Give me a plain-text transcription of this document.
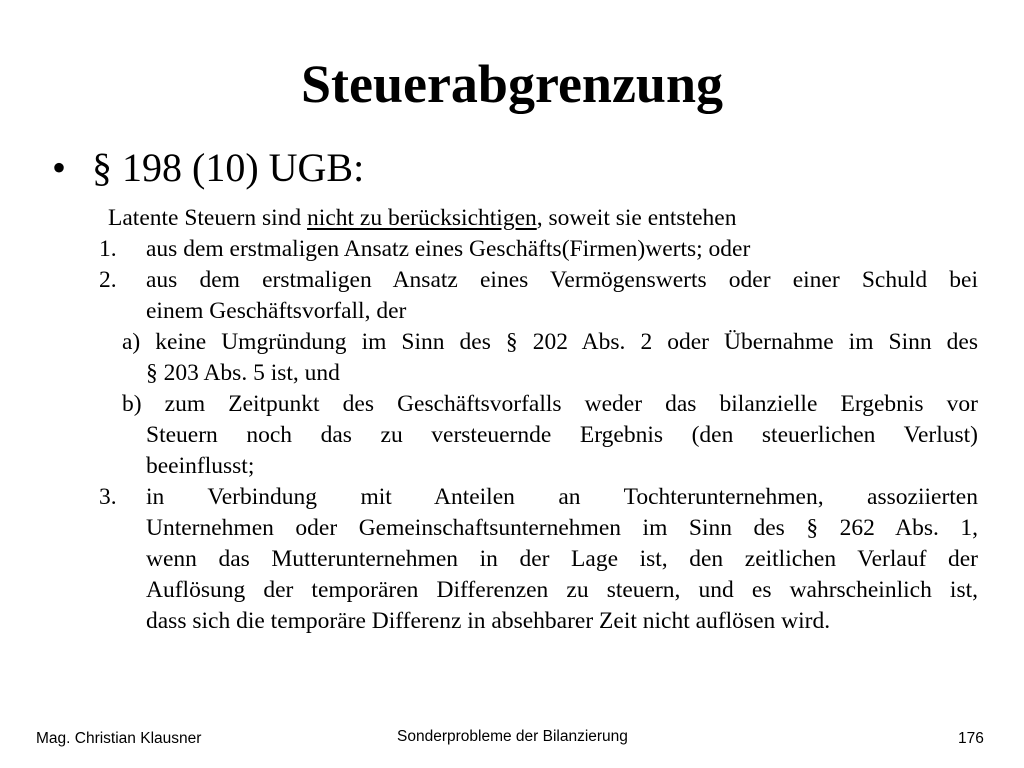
Steuerabgrenzung
• § 198 (10) UGB:
Latente Steuern sind nicht zu berücksichtigen, soweit sie entstehen
1. aus dem erstmaligen Ansatz eines Geschäfts(Firmen)werts; oder
2. aus dem erstmaligen Ansatz eines Vermögenswerts oder einer Schuld bei
einem Geschäftsvorfall, der
a) keine Umgründung im Sinn des § 202 Abs. 2 oder Übernahme im Sinn des
§ 203 Abs. 5 ist, und
b) zum Zeitpunkt des Geschäftsvorfalls weder das bilanzielle Ergebnis vor
Steuern noch das zu versteuernde Ergebnis (den steuerlichen Verlust)
beeinflusst;
3. in Verbindung mit Anteilen an Tochterunternehmen, assoziierten
Unternehmen oder Gemeinschaftsunternehmen im Sinn des § 262 Abs. 1,
wenn das Mutterunternehmen in der Lage ist, den zeitlichen Verlauf der
Auflösung der temporären Differenzen zu steuern, und es wahrscheinlich ist,
dass sich die temporäre Differenz in absehbarer Zeit nicht auflösen wird.
Mag. Christian Klausner	Sonderprobleme der Bilanzierung	176
